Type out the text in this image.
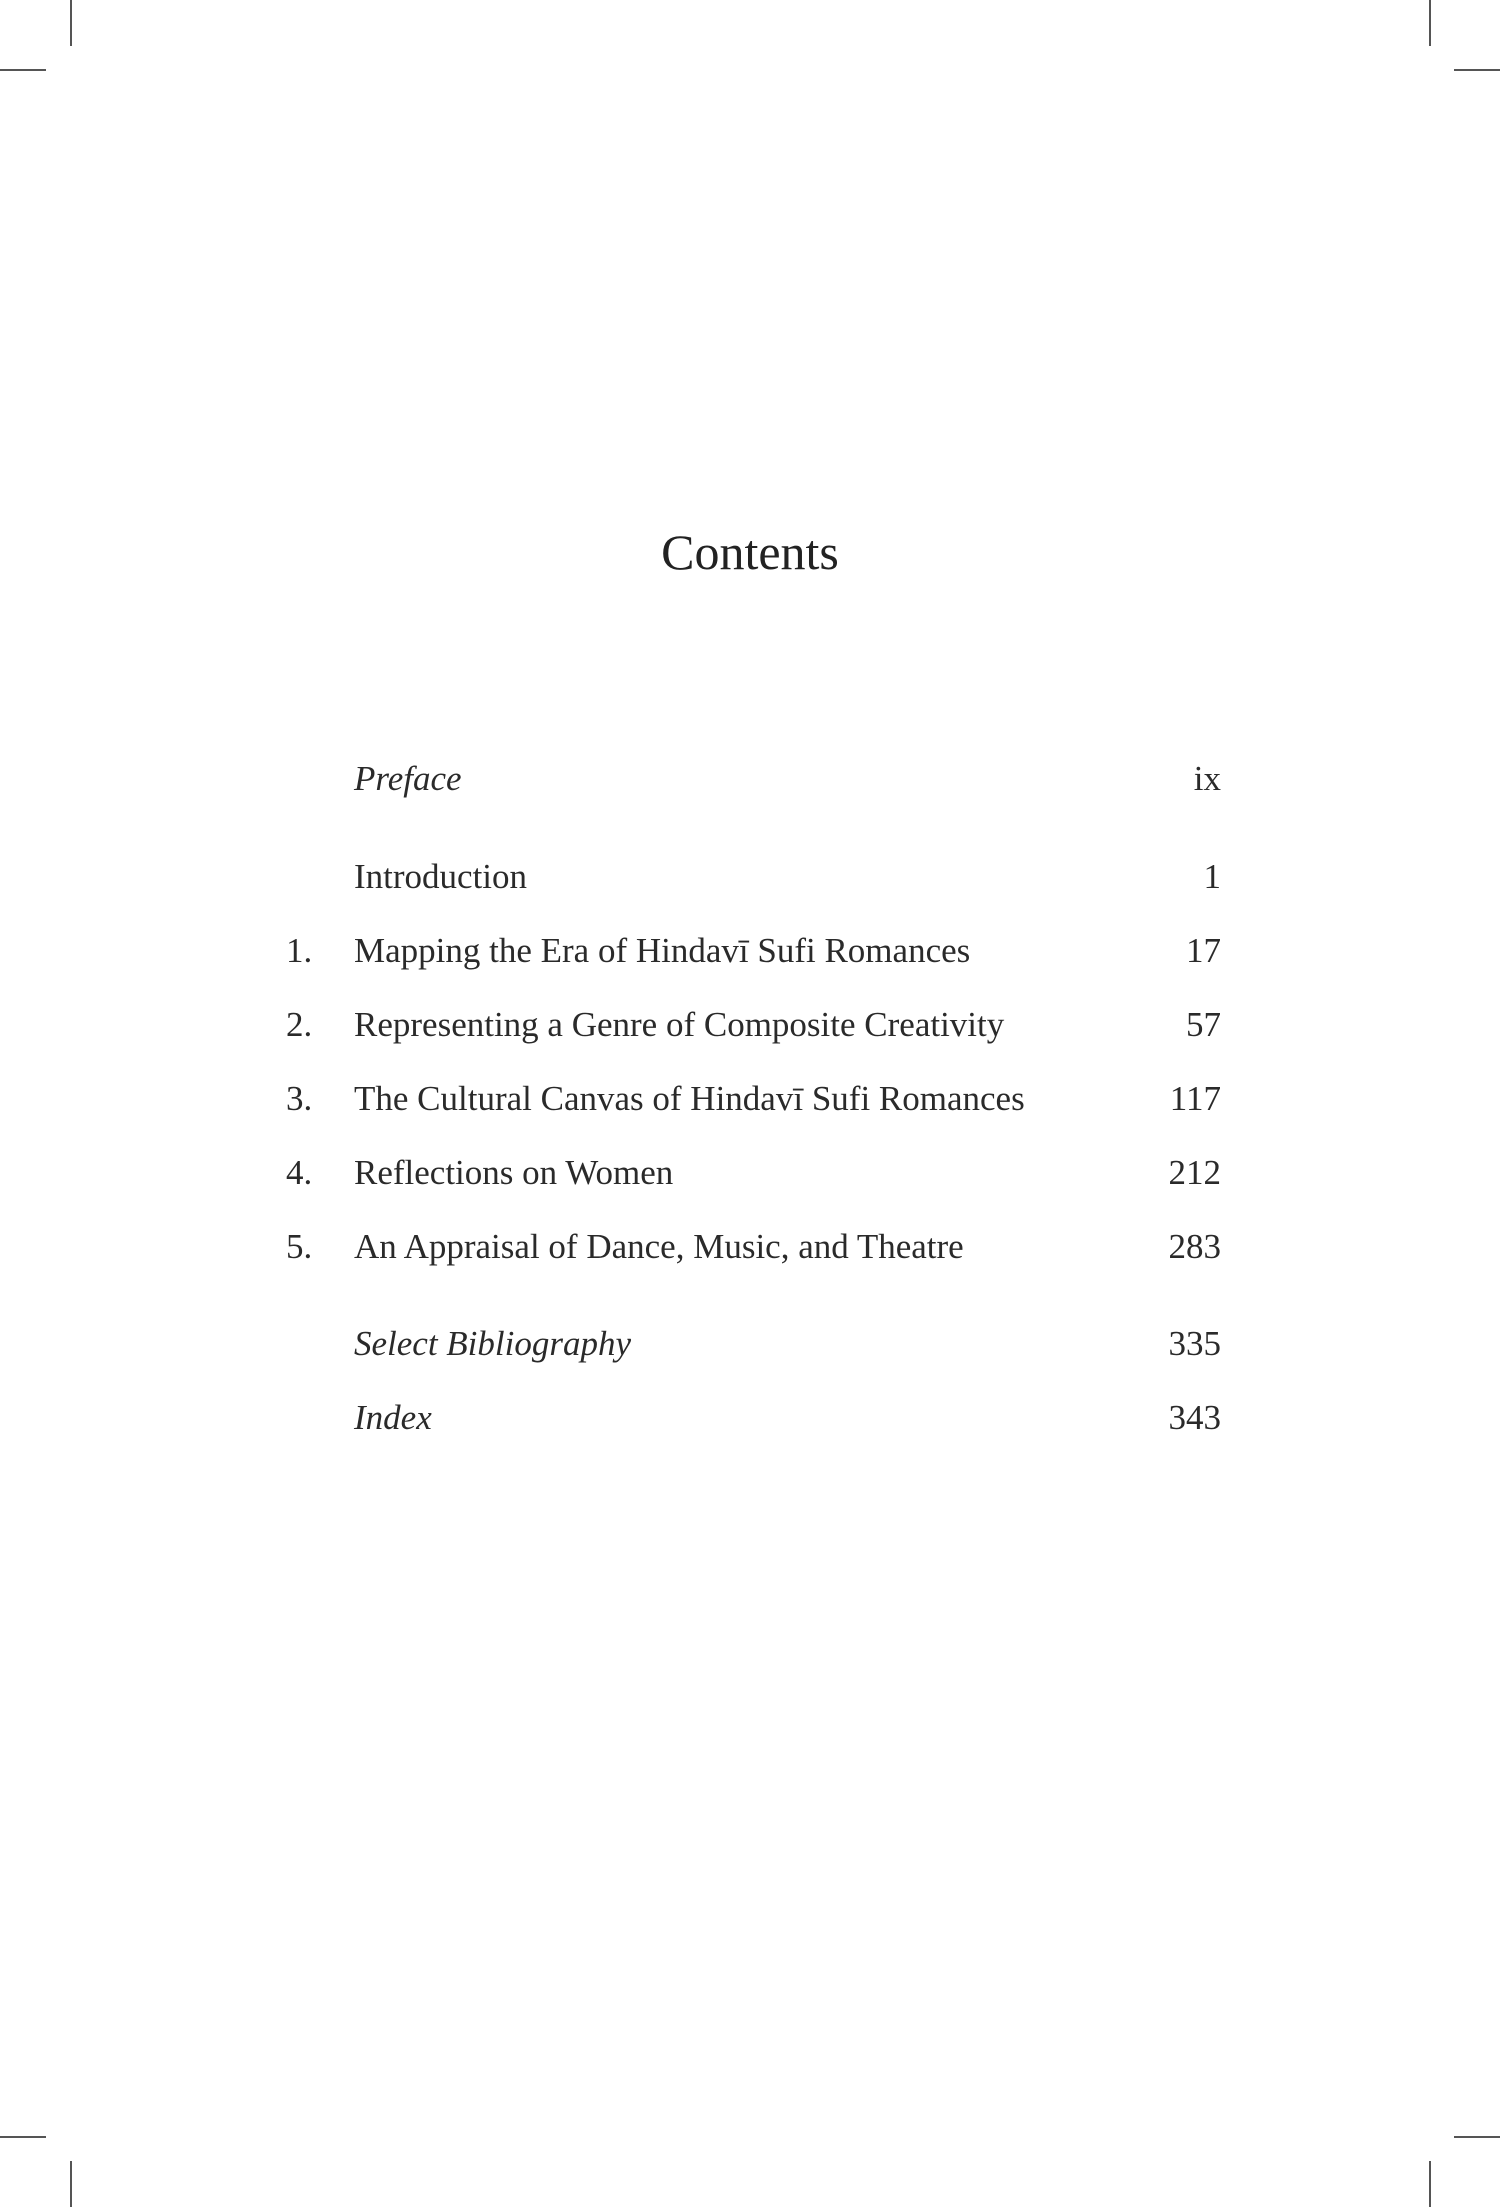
Contents
Preface	ix
Introduction	1
1. Mapping the Era of Hindavī Sufi Romances	17
2. Representing a Genre of Composite Creativity	57
3. The Cultural Canvas of Hindavī Sufi Romances	117
4. Reflections on Women	212
5. An Appraisal of Dance, Music, and Theatre	283
Select Bibliography	335
Index	343
